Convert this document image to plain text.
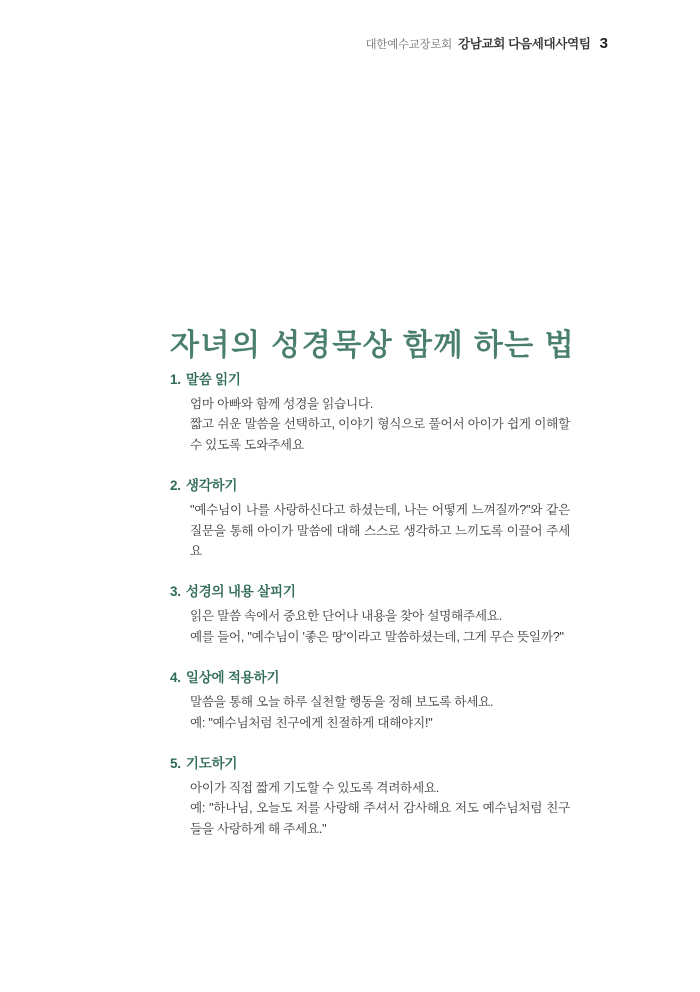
대한예수교장로회 강남교회 다음세대사역팀 3
자녀의 성경묵상 함께 하는 법
1. 말씀 읽기

엄마 아빠와 함께 성경을 읽습니다.

짧고 쉬운 말씀을 선택하고, 이야기 형식으로 풀어서 아이가 쉽게 이해할 수 있도록 도와주세요

2. 생각하기

"예수님이 나를 사랑하신다고 하셨는데, 나는 어떻게 느껴질까?"와 같은 질문을 통해 아이가 말씀에 대해 스스로 생각하고 느끼도록 이끌어 주세요

3. 성경의 내용 살피기

읽은 말씀 속에서 중요한 단어나 내용을 찾아 설명해주세요.

예를 들어, "예수님이 '좋은 땅'이라고 말씀하셨는데, 그게 무슨 뜻일까?"

4. 일상에 적용하기

말씀을 통해 오늘 하루 실천할 행동을 정해 보도록 하세요.

예: "예수님처럼 친구에게 친절하게 대해야지!"

5. 기도하기

아이가 직접 짧게 기도할 수 있도록 격려하세요.

예: "하나님, 오늘도 저를 사랑해 주셔서 감사해요 저도 예수님처럼 친구들을 사랑하게 해 주세요."
